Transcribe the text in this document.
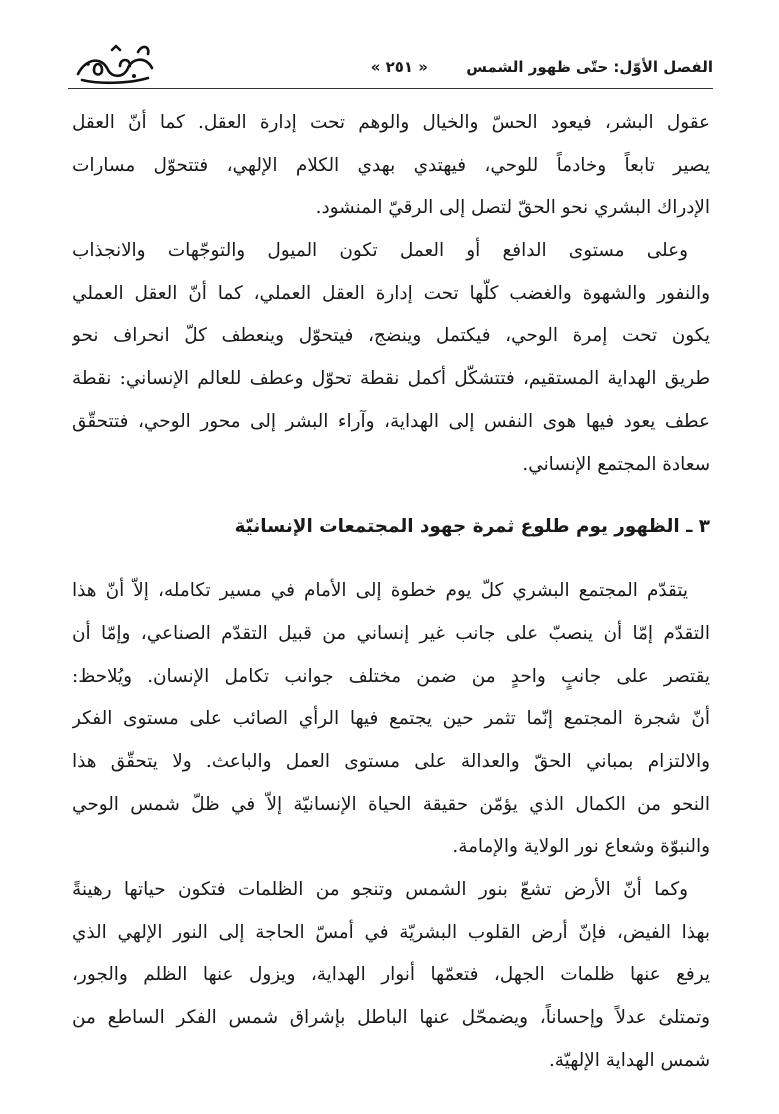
الفصل الأوّل: حتّى ظهور الشمس
« ٢٥١ »
عقول البشر، فيعود الحسّ والخيال والوهم تحت إدارة العقل. كما أنّ العقل
يصير تابعاً وخادماً للوحي، فيهتدي بهدي الكلام الإلهي، فتتحوّل مسارات
الإدراك البشري نحو الحقّ لتصل إلى الرقيّ المنشود.
وعلى مستوى الدافع أو العمل تكون الميول والتوجّهات والانجذاب
والنفور والشهوة والغضب كلّها تحت إدارة العقل العملي، كما أنّ العقل العملي
يكون تحت إمرة الوحي، فيكتمل وينضج، فيتحوّل وينعطف كلّ انحراف نحو
طريق الهداية المستقيم، فتتشكّل أكمل نقطة تحوّل وعطف للعالم الإنساني: نقطة
عطف يعود فيها هوى النفس إلى الهداية، وآراء البشر إلى محور الوحي، فتتحقّق
سعادة المجتمع الإنساني.
٣ ـ الظهور يوم طلوع ثمرة جهود المجتمعات الإنسانيّة
يتقدّم المجتمع البشري كلّ يوم خطوة إلى الأمام في مسير تكامله، إلاّ أنّ هذا
التقدّم إمّا أن ينصبّ على جانب غير إنساني من قبيل التقدّم الصناعي، وإمّا أن
يقتصر على جانبٍ واحدٍ من ضمن مختلف جوانب تكامل الإنسان. ويُلاحظ:
أنّ شجرة المجتمع إنّما تثمر حين يجتمع فيها الرأي الصائب على مستوى الفكر
والالتزام بمباني الحقّ والعدالة على مستوى العمل والباعث. ولا يتحقّق هذا
النحو من الكمال الذي يؤمّن حقيقة الحياة الإنسانيّة إلاّ في ظلّ شمس الوحي
والنبوّة وشعاع نور الولاية والإمامة.
وكما أنّ الأرض تشعّ بنور الشمس وتنجو من الظلمات فتكون حياتها رهينةً
بهذا الفيض، فإنّ أرض القلوب البشريّة في أمسّ الحاجة إلى النور الإلهي الذي
يرفع عنها ظلمات الجهل، فتعمّها أنوار الهداية، ويزول عنها الظلم والجور،
وتمتلئ عدلاً وإحساناً، ويضمحّل عنها الباطل بإشراق شمس الفكر الساطع من
شمس الهداية الإلهيّة.
